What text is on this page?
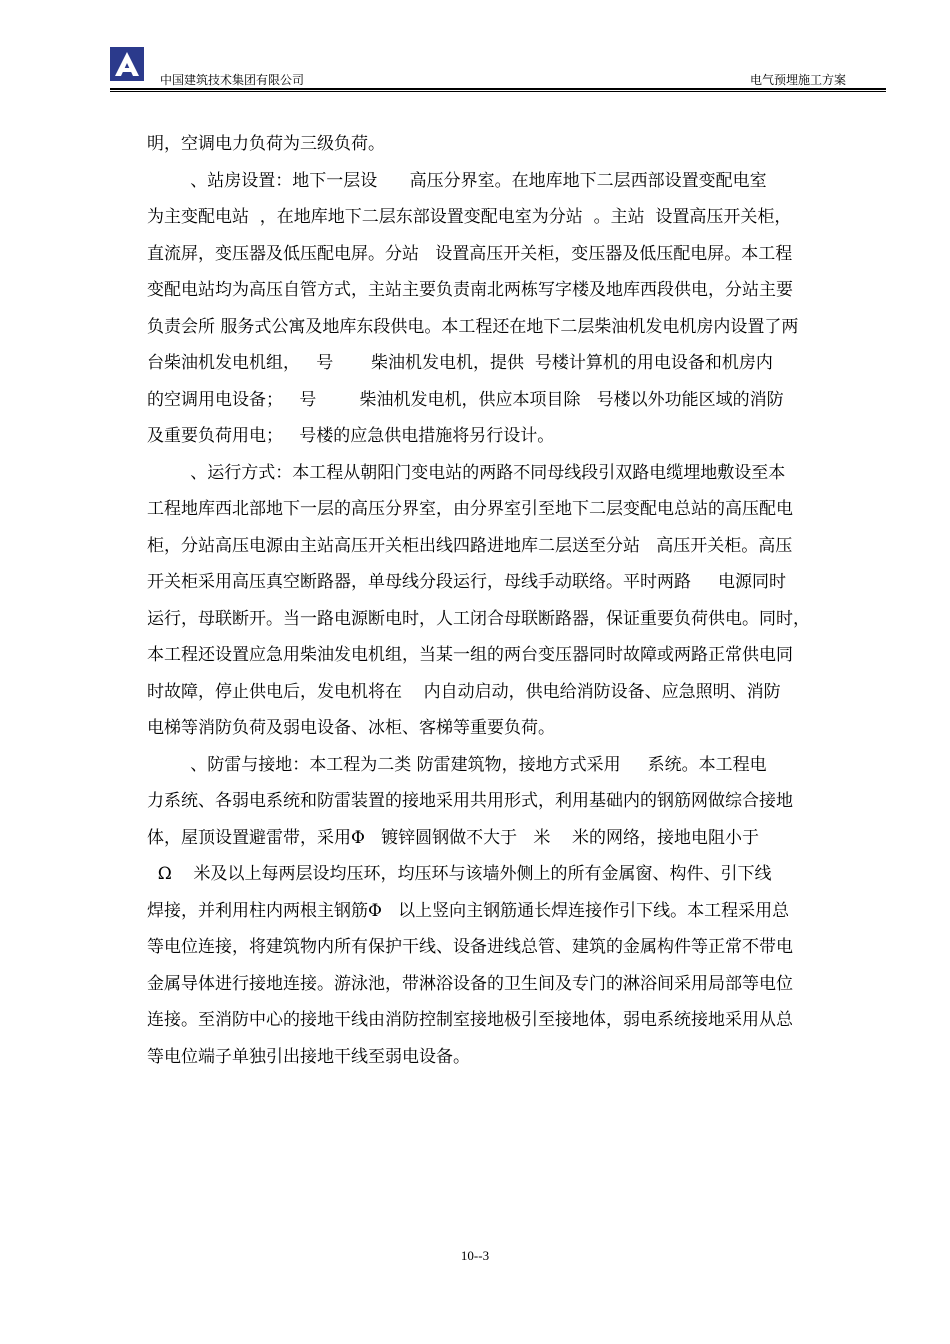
中国建筑技术集团有限公司	电气预埋施工方案
明，空调电力负荷为三级负荷。
、站房设置：地下一层设      高压分界室。在地库地下二层西部设置变配电室
为主变配电站  ，在地库地下二层东部设置变配电室为分站  。主站  设置高压开关柜，
直流屏，变压器及低压配电屏。分站   设置高压开关柜，变压器及低压配电屏。本工程
变配电站均为高压自管方式，主站主要负责南北两栋写字楼及地库西段供电，分站主要
负责会所 服务式公寓及地库东段供电。本工程还在地下二层柴油机发电机房内设置了两
台柴油机发电机组，   号       柴油机发电机，提供  号楼计算机的用电设备和机房内
的空调用电设备；   号        柴油机发电机，供应本项目除   号楼以外功能区域的消防
及重要负荷用电；   号楼的应急供电措施将另行设计。
、运行方式：本工程从朝阳门变电站的两路不同母线段引双路电缆埋地敷设至本
工程地库西北部地下一层的高压分界室，由分界室引至地下二层变配电总站的高压配电
柜，分站高压电源由主站高压开关柜出线四路进地库二层送至分站   高压开关柜。高压
开关柜采用高压真空断路器，单母线分段运行，母线手动联络。平时两路     电源同时
运行，母联断开。当一路电源断电时，人工闭合母联断路器，保证重要负荷供电。同时，
本工程还设置应急用柴油发电机组，当某一组的两台变压器同时故障或两路正常供电同
时故障，停止供电后，发电机将在    内自动启动，供电给消防设备、应急照明、消防
电梯等消防负荷及弱电设备、冰柜、客梯等重要负荷。
、防雷与接地：本工程为二类 防雷建筑物，接地方式采用     系统。本工程电
力系统、各弱电系统和防雷装置的接地采用共用形式，利用基础内的钢筋网做综合接地
体，屋顶设置避雷带，采用Φ   镀锌圆钢做不大于   米    米的网络，接地电阻小于
Ω    米及以上每两层设均压环，均压环与该墙外侧上的所有金属窗、构件、引下线
焊接，并利用柱内两根主钢筋Φ   以上竖向主钢筋通长焊连接作引下线。本工程采用总
等电位连接，将建筑物内所有保护干线、设备进线总管、建筑的金属构件等正常不带电
金属导体进行接地连接。游泳池，带淋浴设备的卫生间及专门的淋浴间采用局部等电位
连接。至消防中心的接地干线由消防控制室接地极引至接地体，弱电系统接地采用从总
等电位端子单独引出接地干线至弱电设备。
10--3
